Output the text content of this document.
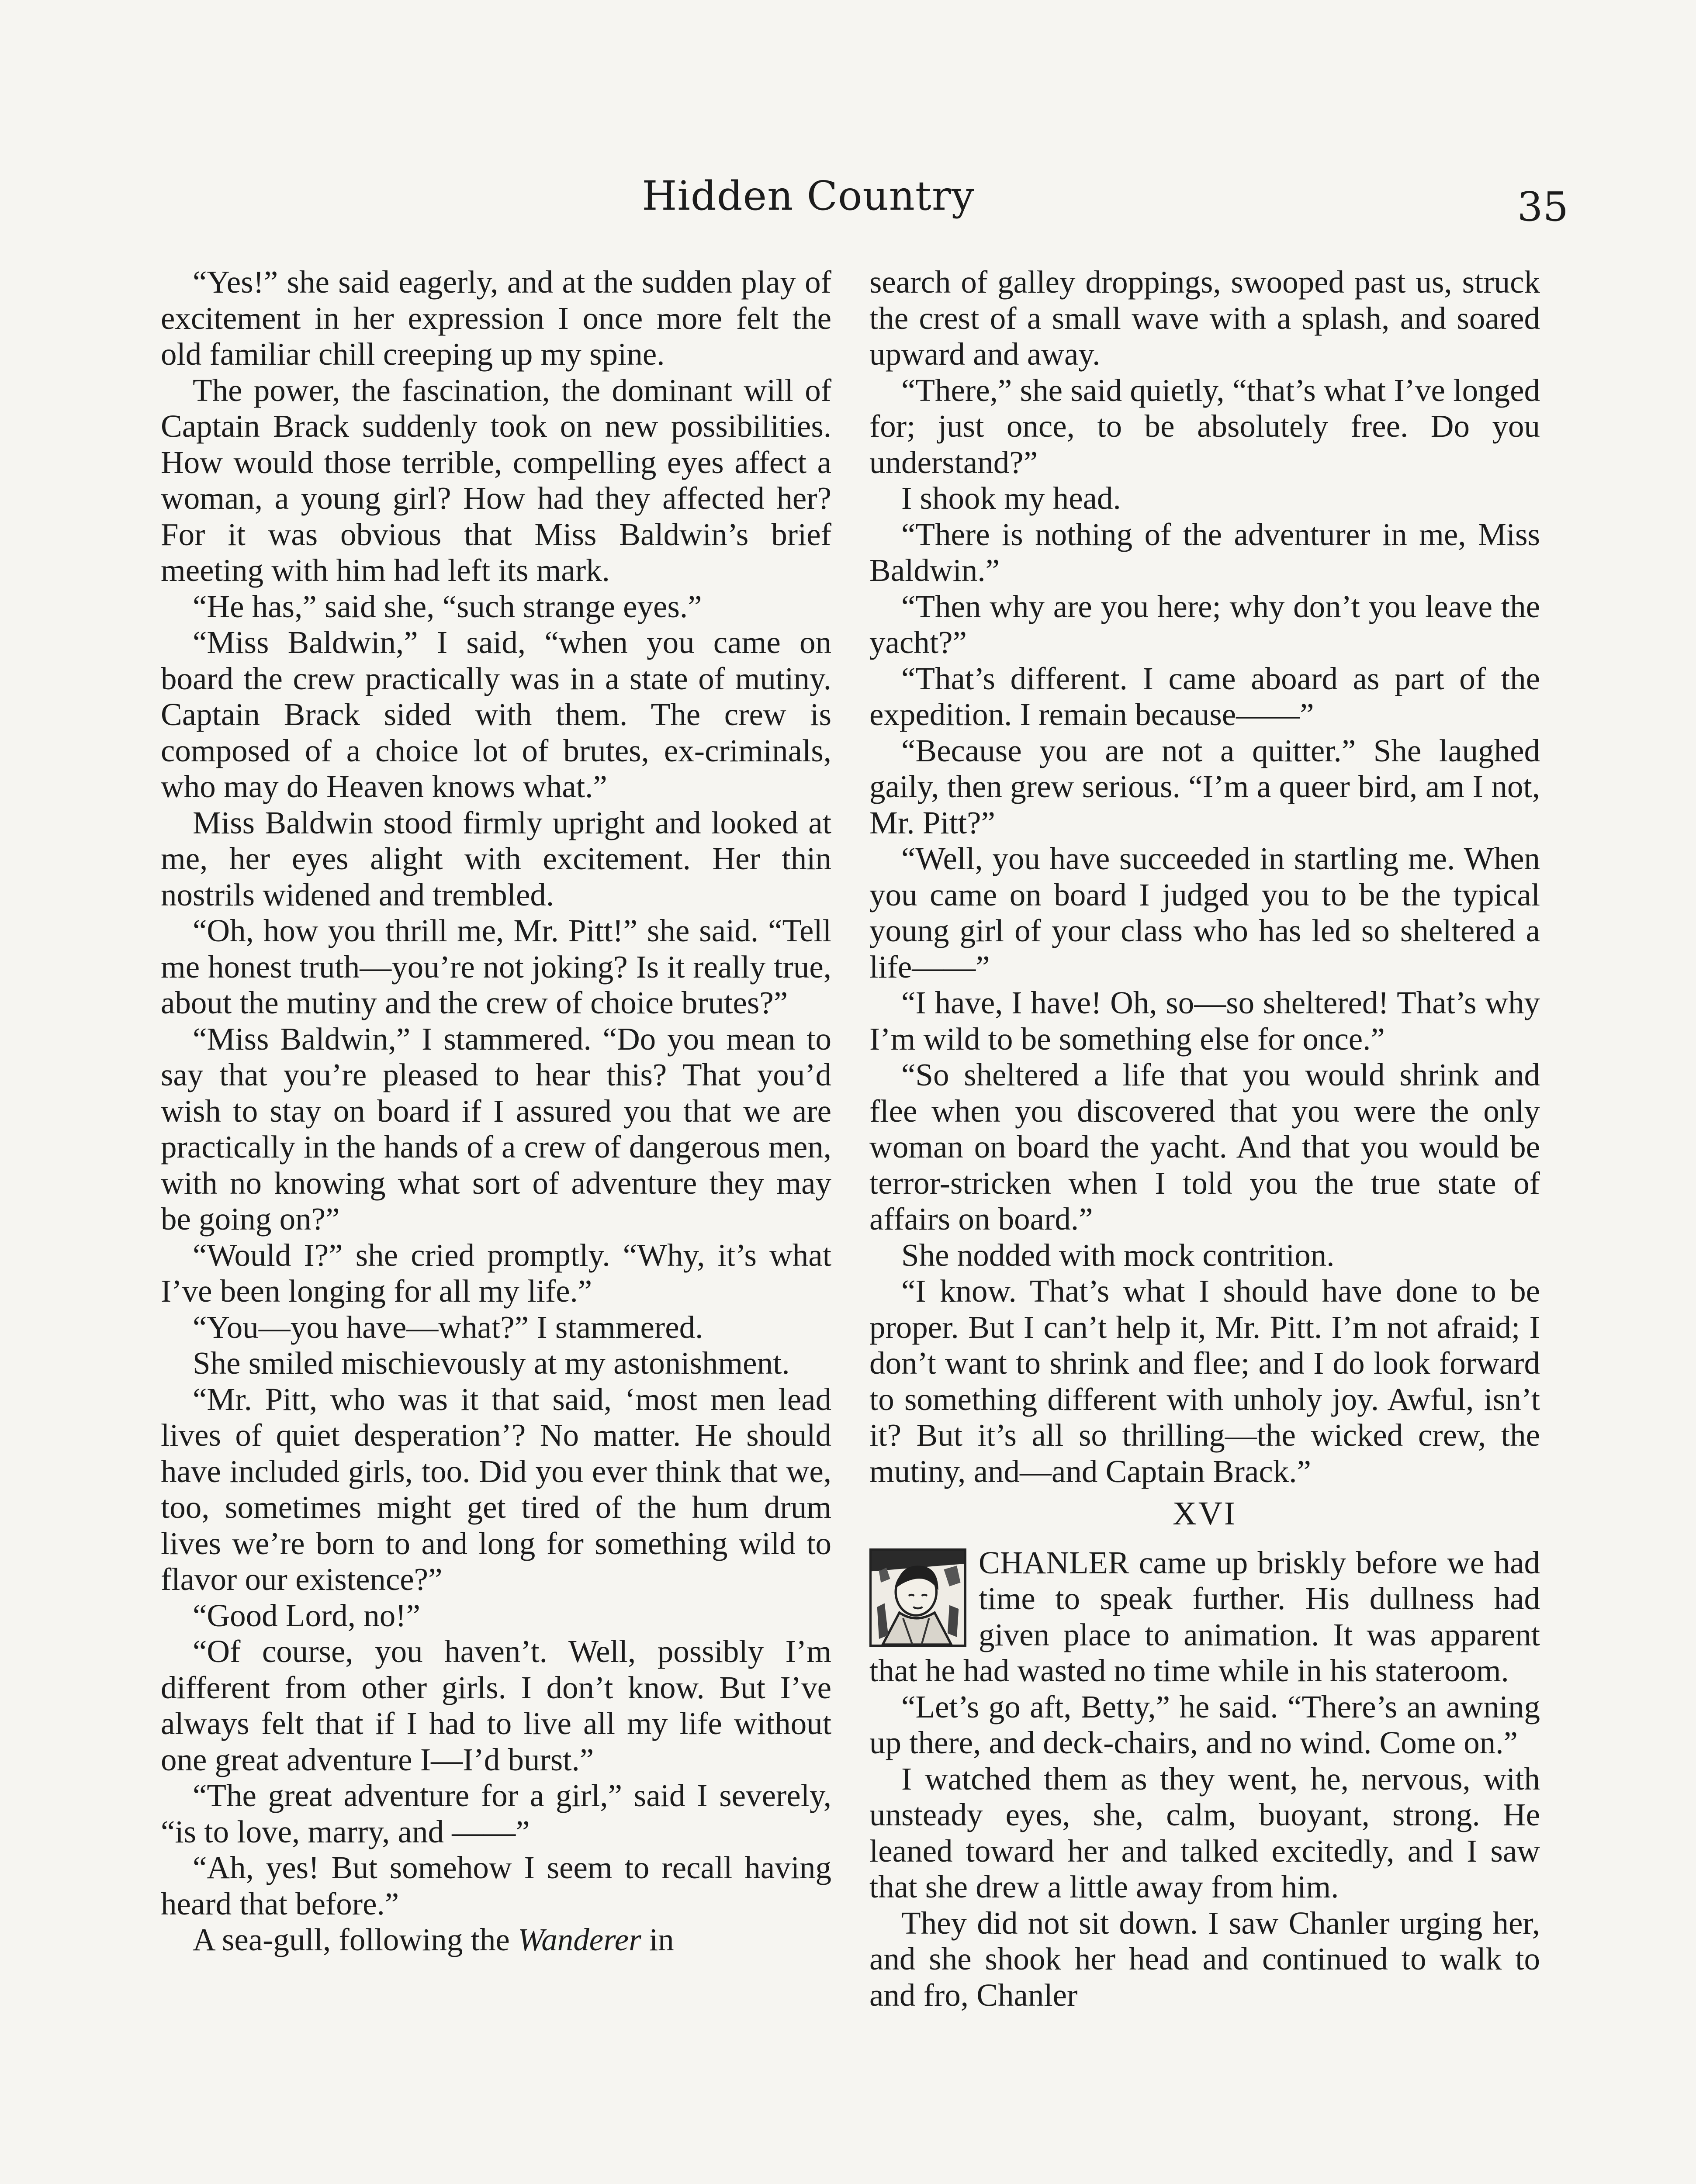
Hidden Country	35

“Yes!” she said eagerly, and at the sudden play of excitement in her expression I once more felt the old familiar chill creeping up my spine.

The power, the fascination, the dominant will of Captain Brack suddenly took on new possibilities. How would those terrible, compelling eyes affect a woman, a young girl? How had they affected her? For it was obvious that Miss Baldwin’s brief meeting with him had left its mark.

“He has,” said she, “such strange eyes.”

“Miss Baldwin,” I said, “when you came on board the crew practically was in a state of mutiny. Captain Brack sided with them. The crew is composed of a choice lot of brutes, ex-criminals, who may do Heaven knows what.”

Miss Baldwin stood firmly upright and looked at me, her eyes alight with excitement. Her thin nostrils widened and trembled.

“Oh, how you thrill me, Mr. Pitt!” she said. “Tell me honest truth—you’re not joking? Is it really true, about the mutiny and the crew of choice brutes?”

“Miss Baldwin,” I stammered. “Do you mean to say that you’re pleased to hear this? That you’d wish to stay on board if I assured you that we are practically in the hands of a crew of dangerous men, with no knowing what sort of adventure they may be going on?”

“Would I?” she cried promptly. “Why, it’s what I’ve been longing for all my life.”

“You—you have—what?” I stammered.

She smiled mischievously at my astonishment.

“Mr. Pitt, who was it that said, ‘most men lead lives of quiet desperation’? No matter. He should have included girls, too. Did you ever think that we, too, sometimes might get tired of the hum drum lives we’re born to and long for something wild to flavor our existence?”

“Good Lord, no!”

“Of course, you haven’t. Well, possibly I’m different from other girls. I don’t know. But I’ve always felt that if I had to live all my life without one great adventure I—I’d burst.”

“The great adventure for a girl,” said I severely, “is to love, marry, and ——”

“Ah, yes! But somehow I seem to recall having heard that before.”

A sea-gull, following the Wanderer in

search of galley droppings, swooped past us, struck the crest of a small wave with a splash, and soared upward and away.

“There,” she said quietly, “that’s what I’ve longed for; just once, to be absolutely free. Do you understand?”

I shook my head.

“There is nothing of the adventurer in me, Miss Baldwin.”

“Then why are you here; why don’t you leave the yacht?”

“That’s different. I came aboard as part of the expedition. I remain because——”

“Because you are not a quitter.” She laughed gaily, then grew serious. “I’m a queer bird, am I not, Mr. Pitt?”

“Well, you have succeeded in startling me. When you came on board I judged you to be the typical young girl of your class who has led so sheltered a life——”

“I have, I have! Oh, so—so sheltered! That’s why I’m wild to be something else for once.”

“So sheltered a life that you would shrink and flee when you discovered that you were the only woman on board the yacht. And that you would be terror-stricken when I told you the true state of affairs on board.”

She nodded with mock contrition.

“I know. That’s what I should have done to be proper. But I can’t help it, Mr. Pitt. I’m not afraid; I don’t want to shrink and flee; and I do look forward to something different with unholy joy. Awful, isn’t it? But it’s all so thrilling—the wicked crew, the mutiny, and—and Captain Brack.”

XVI

CHANLER came up briskly before we had time to speak further. His dullness had given place to animation. It was apparent that he had wasted no time while in his stateroom.

“Let’s go aft, Betty,” he said. “There’s an awning up there, and deck-chairs, and no wind. Come on.”

I watched them as they went, he, nervous, with unsteady eyes, she, calm, buoyant, strong. He leaned toward her and talked excitedly, and I saw that she drew a little away from him.

They did not sit down. I saw Chanler urging her, and she shook her head and continued to walk to and fro, Chanler
